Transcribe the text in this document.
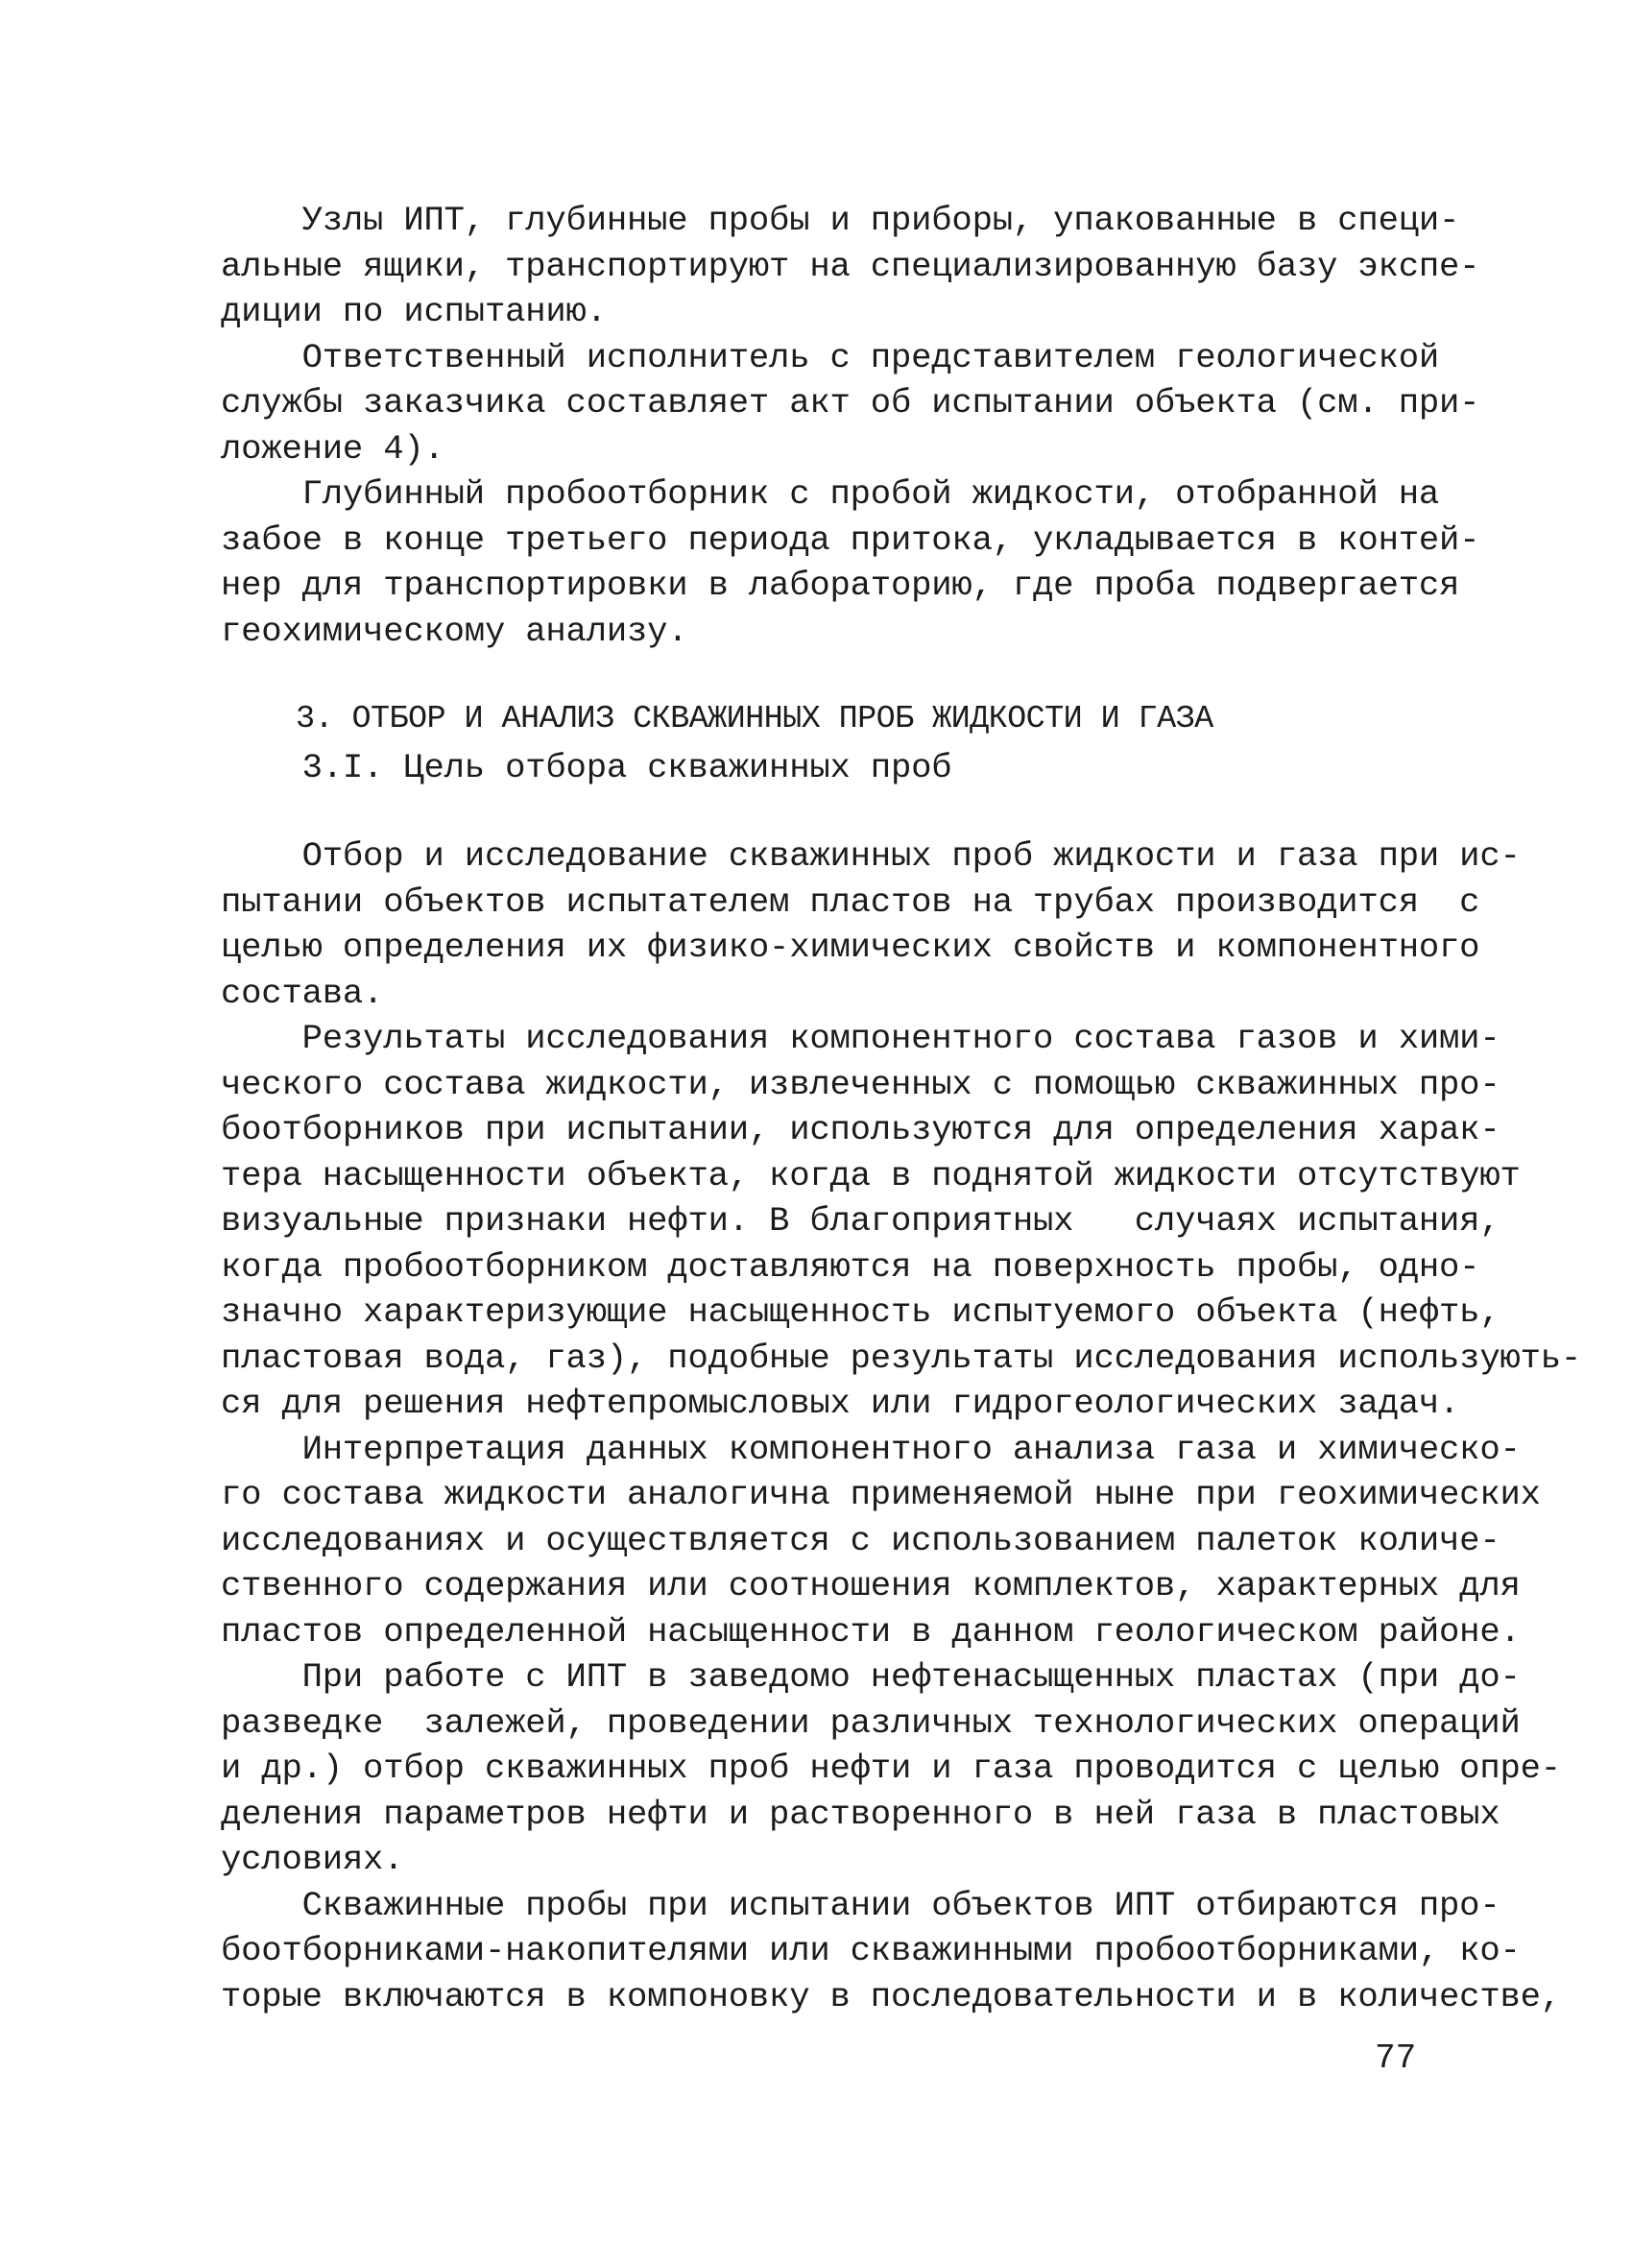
Узлы ИПТ, глубинные пробы и приборы, упакованные в специ-
альные ящики, транспортируют на специализированную базу экспе-
диции по испытанию.
Ответственный исполнитель с представителем геологической
службы заказчика составляет акт об испытании объекта (см. при-
ложение 4).
Глубинный пробоотборник с пробой жидкости, отобранной на
забое в конце третьего периода притока, укладывается в контей-
нер для транспортировки в лабораторию, где проба подвергается
геохимическому анализу.
3. ОТБОР И АНАЛИЗ СКВАЖИННЫХ ПРОБ ЖИДКОСТИ И ГАЗА
3.I. Цель отбора скважинных проб
Отбор и исследование скважинных проб жидкости и газа при ис-
пытании объектов испытателем пластов на трубах производится  с
целью определения их физико-химических свойств и компонентного
состава.
Результаты исследования компонентного состава газов и хими-
ческого состава жидкости, извлеченных с помощью скважинных про-
боотборников при испытании, используются для определения харак-
тера насыщенности объекта, когда в поднятой жидкости отсутствуют
визуальные признаки нефти. В благоприятных   случаях испытания,
когда пробоотборником доставляются на поверхность пробы, одно-
значно характеризующие насыщенность испытуемого объекта (нефть,
пластовая вода, газ), подобные результаты исследования использують-
ся для решения нефтепромысловых или гидрогеологических задач.
Интерпретация данных компонентного анализа газа и химическо-
го состава жидкости аналогична применяемой ныне при геохимических
исследованиях и осуществляется с использованием палеток количе-
ственного содержания или соотношения комплектов, характерных для
пластов определенной насыщенности в данном геологическом районе.
При работе с ИПТ в заведомо нефтенасыщенных пластах (при до-
разведке  залежей, проведении различных технологических операций
и др.) отбор скважинных проб нефти и газа проводится с целью опре-
деления параметров нефти и растворенного в ней газа в пластовых
условиях.
Скважинные пробы при испытании объектов ИПТ отбираются про-
боотборниками-накопителями или скважинными пробоотборниками, ко-
торые включаются в компоновку в последовательности и в количестве,
77
